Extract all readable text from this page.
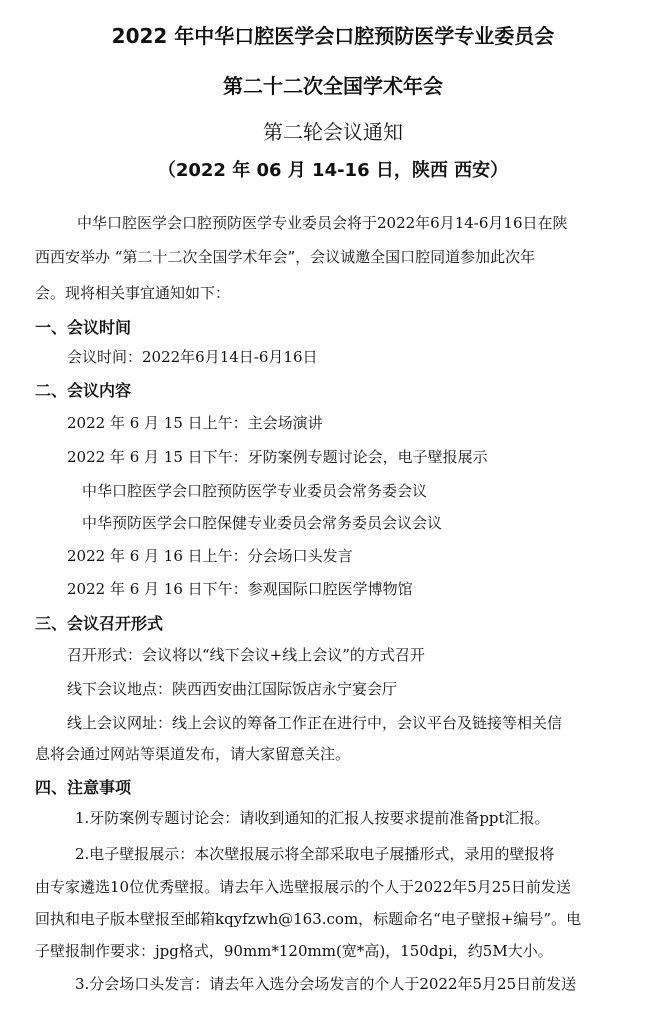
2022 年中华口腔医学会口腔预防医学专业委员会
第二十二次全国学术年会
第二轮会议通知
（2022 年 06 月 14-16 日，陕西 西安）
中华口腔医学会口腔预防医学专业委员会将于2022年6月14-6月16日在陕
西西安举办 “第二十二次全国学术年会”，会议诚邀全国口腔同道参加此次年
会。现将相关事宜通知如下：
一、会议时间
会议时间：2022年6月14日-6月16日
二、会议内容
2022 年 6 月 15 日上午：主会场演讲
2022 年 6 月 15 日下午：牙防案例专题讨论会，电子壁报展示
中华口腔医学会口腔预防医学专业委员会常务委会议
中华预防医学会口腔保健专业委员会常务委员会议会议
2022 年 6 月 16 日上午：分会场口头发言
2022 年 6 月 16 日下午：参观国际口腔医学博物馆
三、会议召开形式
召开形式：会议将以“线下会议+线上会议”的方式召开
线下会议地点：陕西西安曲江国际饭店永宁宴会厅
线上会议网址：线上会议的筹备工作正在进行中，会议平台及链接等相关信
息将会通过网站等渠道发布，请大家留意关注。
四、注意事项
1.牙防案例专题讨论会：请收到通知的汇报人按要求提前准备ppt汇报。
2.电子壁报展示：本次壁报展示将全部采取电子展播形式，录用的壁报将
由专家遴选10位优秀壁报。请去年入选壁报展示的个人于2022年5月25日前发送
回执和电子版本壁报至邮箱kqyfzwh@163.com，标题命名“电子壁报+编号”。电
子壁报制作要求：jpg格式，90mm*120mm(宽*高)，150dpi，约5M大小。
3.分会场口头发言：请去年入选分会场发言的个人于2022年5月25日前发送
